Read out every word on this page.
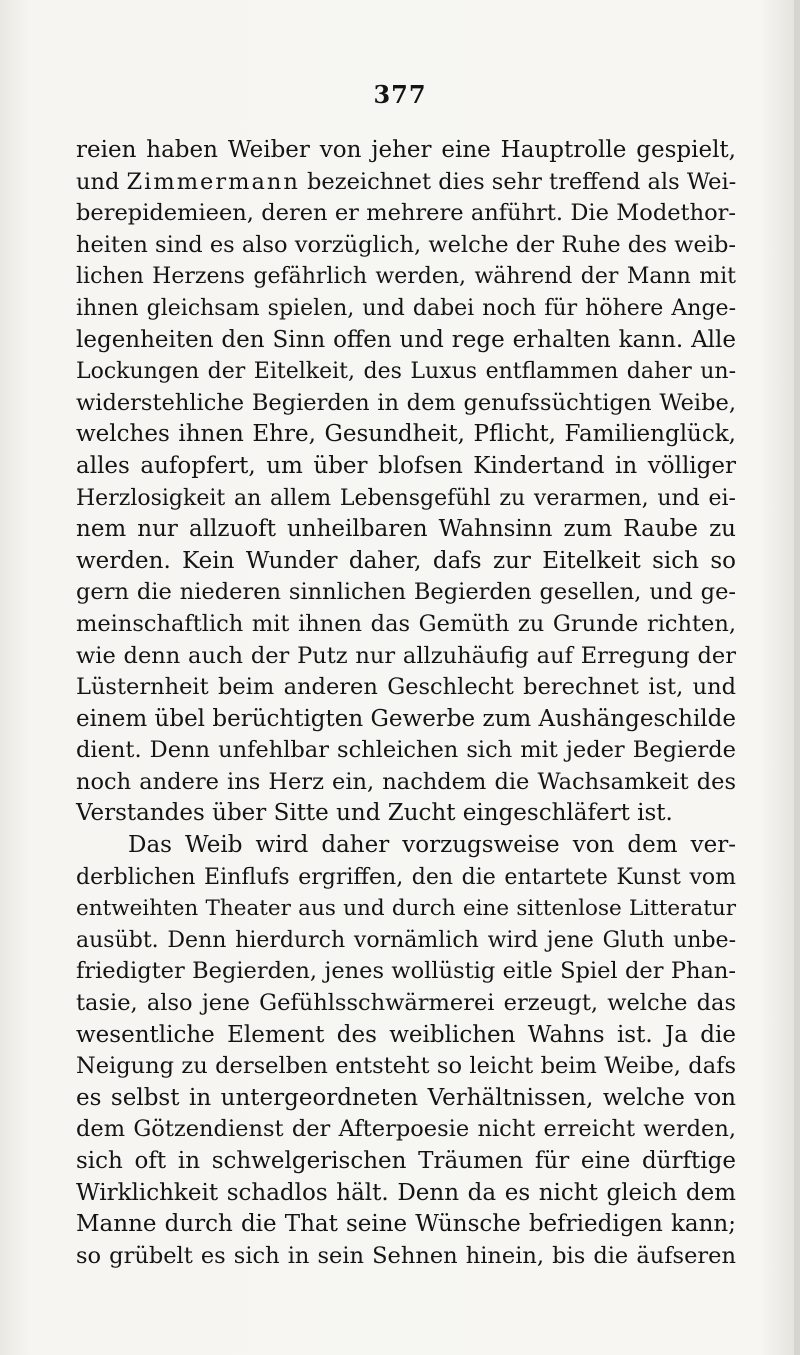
377
reien haben Weiber von jeher eine Hauptrolle gespielt,
und Zimmermann bezeichnet dies sehr treffend als Wei-
berepidemieen, deren er mehrere anführt. Die Modethor-
heiten sind es also vorzüglich, welche der Ruhe des weib-
lichen Herzens gefährlich werden, während der Mann mit
ihnen gleichsam spielen, und dabei noch für höhere Ange-
legenheiten den Sinn offen und rege erhalten kann. Alle
Lockungen der Eitelkeit, des Luxus entflammen daher un-
widerstehliche Begierden in dem genufssüchtigen Weibe,
welches ihnen Ehre, Gesundheit, Pflicht, Familienglück,
alles aufopfert, um über blofsen Kindertand in völliger
Herzlosigkeit an allem Lebensgefühl zu verarmen, und ei-
nem nur allzuoft unheilbaren Wahnsinn zum Raube zu
werden. Kein Wunder daher, dafs zur Eitelkeit sich so
gern die niederen sinnlichen Begierden gesellen, und ge-
meinschaftlich mit ihnen das Gemüth zu Grunde richten,
wie denn auch der Putz nur allzuhäufig auf Erregung der
Lüsternheit beim anderen Geschlecht berechnet ist, und
einem übel berüchtigten Gewerbe zum Aushängeschilde
dient. Denn unfehlbar schleichen sich mit jeder Begierde
noch andere ins Herz ein, nachdem die Wachsamkeit des
Verstandes über Sitte und Zucht eingeschläfert ist.
Das Weib wird daher vorzugsweise von dem ver-
derblichen Einflufs ergriffen, den die entartete Kunst vom
entweihten Theater aus und durch eine sittenlose Litteratur
ausübt. Denn hierdurch vornämlich wird jene Gluth unbe-
friedigter Begierden, jenes wollüstig eitle Spiel der Phan-
tasie, also jene Gefühlsschwärmerei erzeugt, welche das
wesentliche Element des weiblichen Wahns ist. Ja die
Neigung zu derselben entsteht so leicht beim Weibe, dafs
es selbst in untergeordneten Verhältnissen, welche von
dem Götzendienst der Afterpoesie nicht erreicht werden,
sich oft in schwelgerischen Träumen für eine dürftige
Wirklichkeit schadlos hält. Denn da es nicht gleich dem
Manne durch die That seine Wünsche befriedigen kann;
so grübelt es sich in sein Sehnen hinein, bis die äufseren
